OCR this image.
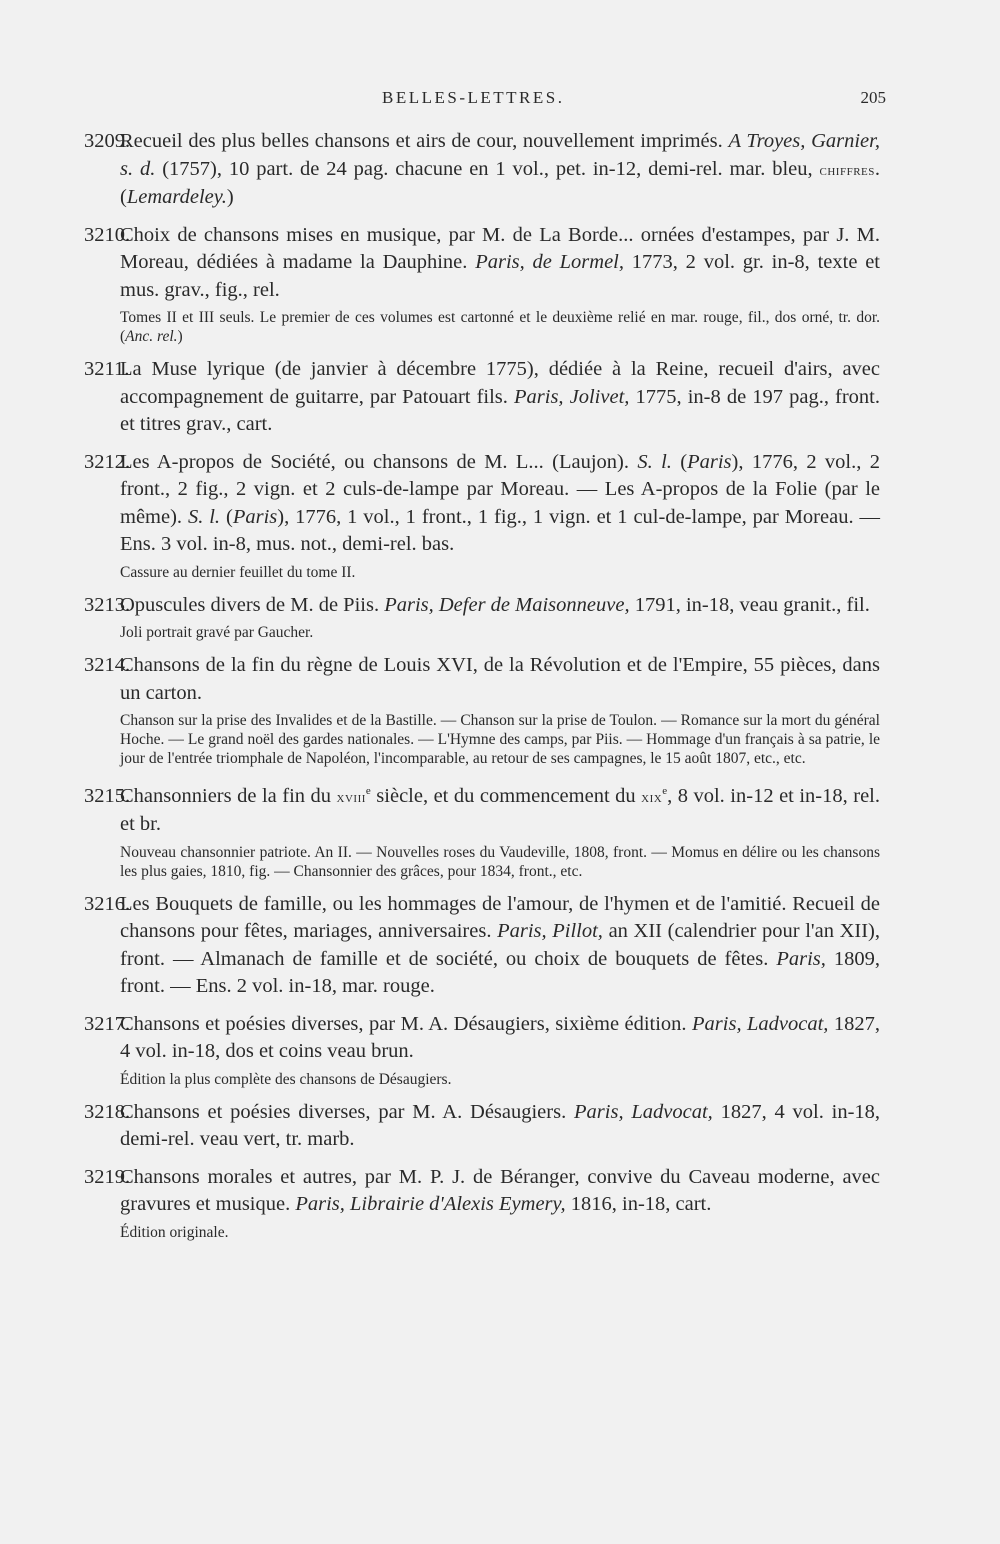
BELLES-LETTRES.	205
3209.Recueil des plus belles chansons et airs de cour, nouvellement imprimés. A Troyes, Garnier, s. d. (1757), 10 part. de 24 pag. chacune en 1 vol., pet. in-12, demi-rel. mar. bleu, chiffres. (Lemardeley.)
3210.Choix de chansons mises en musique, par M. de La Borde... ornées d'estampes, par J. M. Moreau, dédiées à madame la Dauphine. Paris, de Lormel, 1773, 2 vol. gr. in-8, texte et mus. grav., fig., rel.
Tomes II et III seuls. Le premier de ces volumes est cartonné et le deuxième relié en mar. rouge, fil., dos orné, tr. dor. (Anc. rel.)
3211.La Muse lyrique (de janvier à décembre 1775), dédiée à la Reine, recueil d'airs, avec accompagnement de guitarre, par Patouart fils. Paris, Jolivet, 1775, in-8 de 197 pag., front. et titres grav., cart.
3212.Les A-propos de Société, ou chansons de M. L... (Laujon). S. l. (Paris), 1776, 2 vol., 2 front., 2 fig., 2 vign. et 2 culs-de-lampe par Moreau. — Les A-propos de la Folie (par le même). S. l. (Paris), 1776, 1 vol., 1 front., 1 fig., 1 vign. et 1 cul-de-lampe, par Moreau. — Ens. 3 vol. in-8, mus. not., demi-rel. bas.
Cassure au dernier feuillet du tome II.
3213.Opuscules divers de M. de Piis. Paris, Defer de Maisonneuve, 1791, in-18, veau granit., fil.
Joli portrait gravé par Gaucher.
3214.Chansons de la fin du règne de Louis XVI, de la Révolution et de l'Empire, 55 pièces, dans un carton.
Chanson sur la prise des Invalides et de la Bastille. — Chanson sur la prise de Toulon. — Romance sur la mort du général Hoche. — Le grand noël des gardes nationales. — L'Hymne des camps, par Piis. — Hommage d'un français à sa patrie, le jour de l'entrée triomphale de Napoléon, l'incomparable, au retour de ses campagnes, le 15 août 1807, etc., etc.
3215.Chansonniers de la fin du xviii$^e$ siècle, et du commencement du xix$^e$, 8 vol. in-12 et in-18, rel. et br.
Nouveau chansonnier patriote. An II. — Nouvelles roses du Vaudeville, 1808, front. — Momus en délire ou les chansons les plus gaies, 1810, fig. — Chansonnier des grâces, pour 1834, front., etc.
3216.Les Bouquets de famille, ou les hommages de l'amour, de l'hymen et de l'amitié. Recueil de chansons pour fêtes, mariages, anniversaires. Paris, Pillot, an XII (calendrier pour l'an XII), front. — Almanach de famille et de société, ou choix de bouquets de fêtes. Paris, 1809, front. — Ens. 2 vol. in-18, mar. rouge.
3217.Chansons et poésies diverses, par M. A. Désaugiers, sixième édition. Paris, Ladvocat, 1827, 4 vol. in-18, dos et coins veau brun.
Édition la plus complète des chansons de Désaugiers.
3218.Chansons et poésies diverses, par M. A. Désaugiers. Paris, Ladvocat, 1827, 4 vol. in-18, demi-rel. veau vert, tr. marb.
3219.Chansons morales et autres, par M. P. J. de Béranger, convive du Caveau moderne, avec gravures et musique. Paris, Librairie d'Alexis Eymery, 1816, in-18, cart.
Édition originale.
